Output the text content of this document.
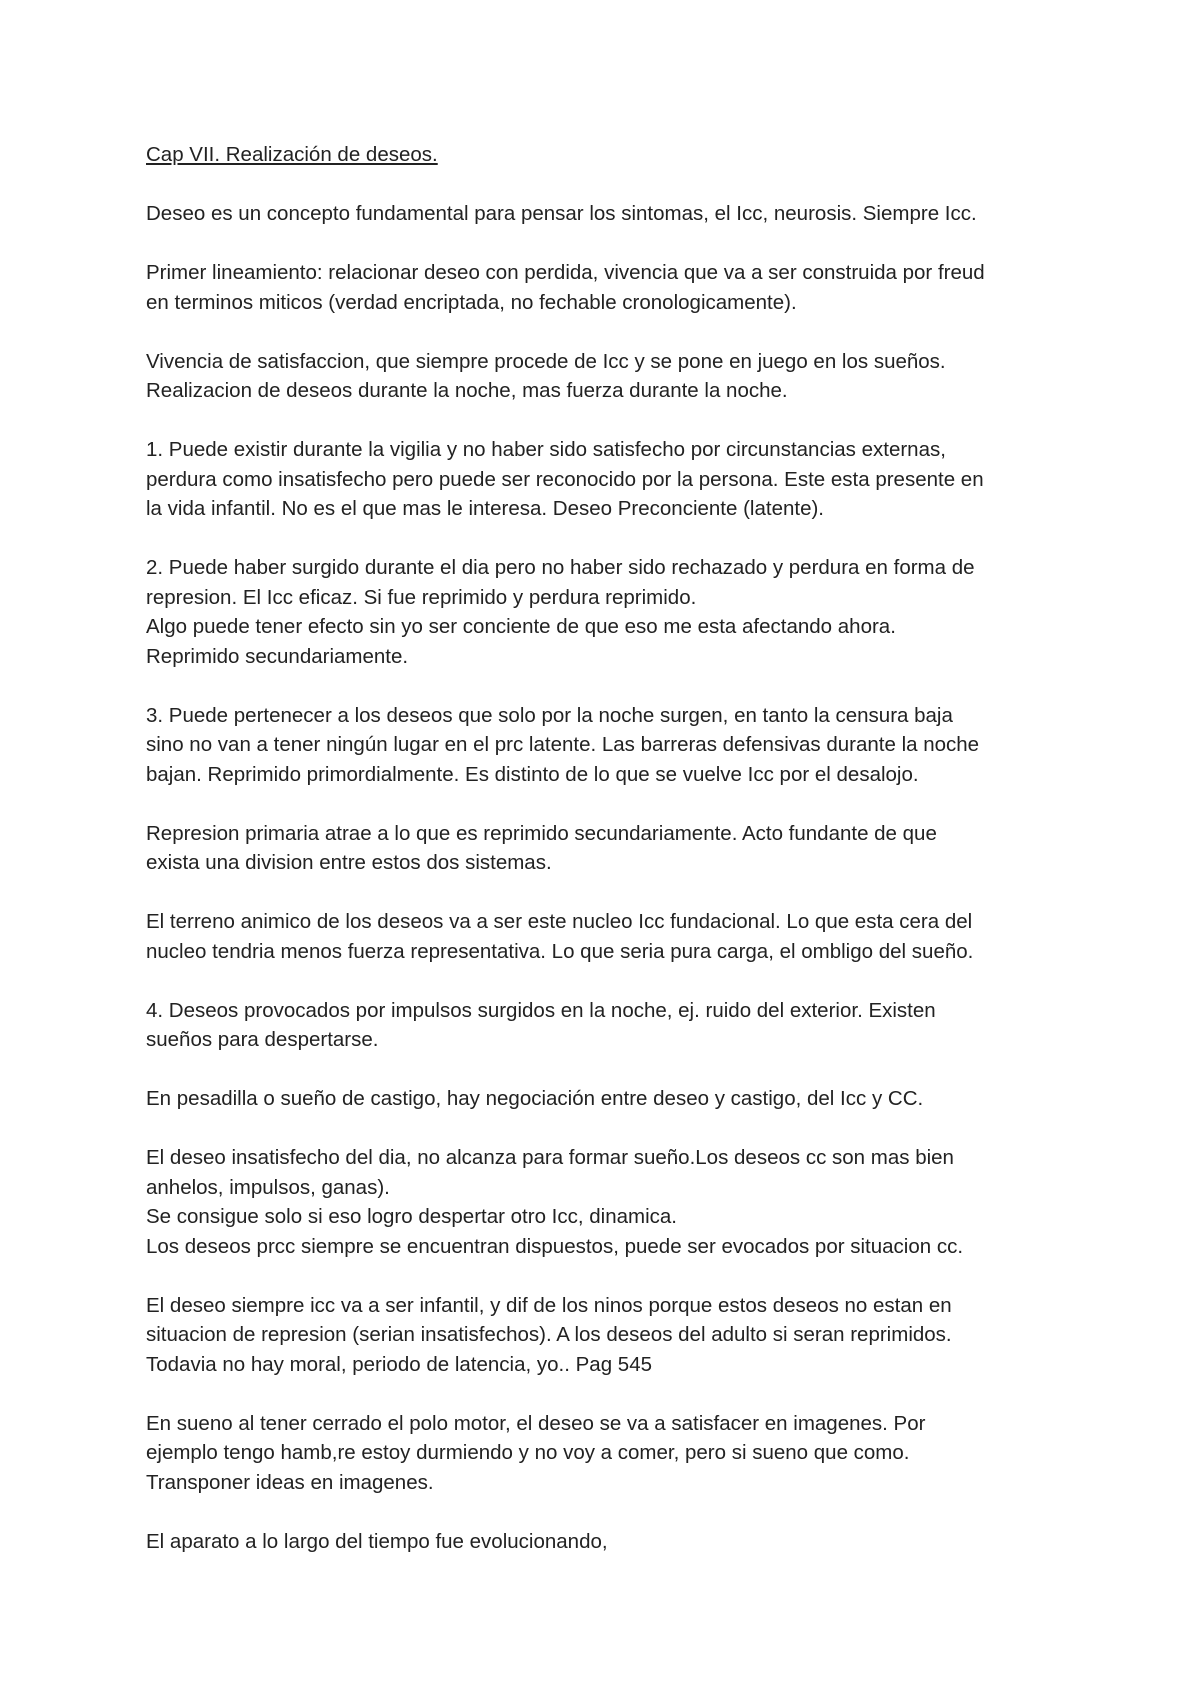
Cap VII. Realización de deseos.
Deseo es un concepto fundamental para pensar los sintomas, el Icc, neurosis. Siempre Icc.
Primer lineamiento: relacionar deseo con perdida, vivencia que va a ser construida por freud
en terminos miticos (verdad encriptada, no fechable cronologicamente).
Vivencia de satisfaccion, que siempre procede de Icc y se pone en juego en los sueños.
Realizacion de deseos durante la noche, mas fuerza durante la noche.
1. Puede existir durante la vigilia y no haber sido satisfecho por circunstancias externas,
perdura como insatisfecho pero puede ser reconocido por la persona. Este esta presente en
la vida infantil. No es el que mas le interesa. Deseo Preconciente (latente).
2. Puede haber surgido durante el dia pero no haber sido rechazado y perdura en forma de
represion. El Icc eficaz. Si fue reprimido y perdura reprimido.
Algo puede tener efecto sin yo ser conciente de que eso me esta afectando ahora.
Reprimido secundariamente.
3. Puede pertenecer a los deseos que solo por la noche surgen, en tanto la censura baja
sino no van a tener ningún lugar en el prc latente. Las barreras defensivas durante la noche
bajan. Reprimido primordialmente. Es distinto de lo que se vuelve Icc por el desalojo.
Represion primaria atrae a lo que es reprimido secundariamente. Acto fundante de que
exista una division entre estos dos sistemas.
El terreno animico de los deseos va a ser este nucleo Icc fundacional. Lo que esta cera del
nucleo tendria menos fuerza representativa. Lo que seria pura carga, el ombligo del sueño.
4. Deseos provocados por impulsos surgidos en la noche, ej. ruido del exterior. Existen
sueños para despertarse.
En pesadilla o sueño de castigo, hay negociación entre deseo y castigo, del Icc y CC.
El deseo insatisfecho del dia, no alcanza para formar sueño.Los deseos cc son mas bien
anhelos, impulsos, ganas).
Se consigue solo si eso logro despertar otro Icc, dinamica.
Los deseos prcc siempre se encuentran dispuestos, puede ser evocados por situacion cc.
El deseo siempre icc va a ser infantil, y dif de los ninos porque estos deseos no estan en
situacion de represion (serian insatisfechos). A los deseos del adulto si seran reprimidos.
Todavia no hay moral, periodo de latencia, yo.. Pag 545
En sueno al tener cerrado el polo motor, el deseo se va a satisfacer en imagenes. Por
ejemplo tengo hamb,re estoy durmiendo y no voy a comer, pero si sueno que como.
Transponer ideas en imagenes.
El aparato a lo largo del tiempo fue evolucionando,
